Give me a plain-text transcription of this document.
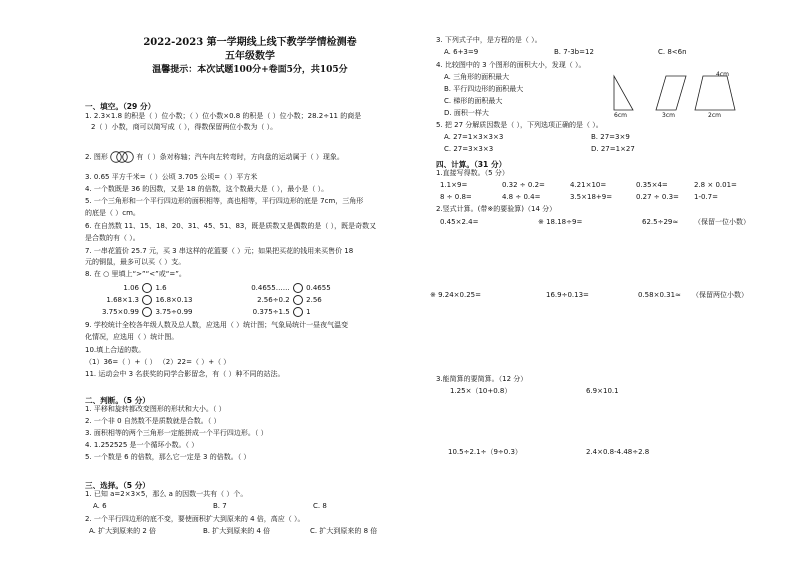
2022-2023 第一学期线上线下教学学情检测卷
五年级数学
温馨提示：本次试题100分+卷面5分，共105分
一、填空。（29 分）
1. 2.3×1.8 的积是（ ）位小数；（ ）位小数×0.8 的积是（ ）位小数；28.2÷11 的商是
2（ ）小数，商可以简写成（ ），得数保留两位小数为（ ）。
2. 图形	有（ ）条对称轴；汽车向左转弯时，方向盘的运动属于（ ）现象。
3. 0.65 平方千米=（ ）公顷 3.705 公顷=（ ）平方米
4. 一个数既是 36 的因数，又是 18 的倍数，这个数最大是（ ），最小是（ ）。
5. 一个三角形和一个平行四边形的面积相等，高也相等，平行四边形的底是 7cm，三角形
的底是（ ）cm。
6. 在自然数 11、15、18、20、31、45、51、83，既是质数又是偶数的是（ ），既是奇数又
是合数的有（ ）。
7. 一串花篮价 25.7 元，买 3 串这样的花篮要（ ）元；如果把买花的钱用来买售价 18
元的铜鼠，最多可以买（ ）支。
8. 在 ○ 里填上“>”“<”或“=”。
1.06 1.6	0.4655…… 0.4655
1.68×1.3 16.8×0.13	2.56÷0.2 2.56
3.75×0.99 3.75÷0.99	0.375÷1.5 1
9. 学校统计全校各年级人数及总人数，应选用（ ）统计图；气象局统计一昼夜气温变
化情况，应选用（ ）统计图。
10.填上合适的数。
（1）36=（ ）+（ ） （2）22=（ ）+（ ）
11. 运动会中 3 名获奖的同学合影留念，有（ ）种不同的站法。
二、判断。（5 分）
1. 平移和旋转都改变图形的形状和大小。（ ）
2. 一个非 0 自然数不是质数就是合数。（ ）
3. 面积相等的两个三角形一定能拼成一个平行四边形。（ ）
4. 1.252525 是一个循环小数。（ ）
5. 一个数是 6 的倍数，那么它一定是 3 的倍数。（ ）
三、选择。（5 分）
1. 已知 a=2×3×5，那么 a 的因数一共有（ ）个。
A. 6	B. 7	C. 8
2. 一个平行四边形的底不变，要使面积扩大到原来的 4 倍，高应（ ）。
A. 扩大到原来的 2 倍	B. 扩大到原来的 4 倍	C. 扩大到原来的 8 倍
3. 下列式子中，是方程的是（ ）。
A. 6+3=9	B. 7-3b=12	C. 8<6n
4. 比较图中的 3 个图形的面积大小，发现（ ）。
A. 三角形的面积最大
B. 平行四边形的面积最大
C. 梯形的面积最大
D. 面积一样大
4cm
6cm	3cm	2cm
5. 把 27 分解质因数是（ ），下列选项正确的是（ ）。
A. 27=1×3×3×3	B. 27=3×9
C. 27=3×3×3	D. 27=1×27
四、计算。（31 分）
1.直接写得数。（5 分）
1.1×9=	0.32 ÷ 0.2=	4.21×10=	0.35×4=	2.8 × 0.01=
8 ÷ 0.8=	4.8 ÷ 0.4=	3.5×18+9=	0.27 ÷ 0.3= 1-0.7=
2.竖式计算。(带※的要验算)（14 分）
0.45×2.4=	※ 18.18÷9=	62.5÷29≈ （保留一位小数）
※ 9.24×0.25=	16.9÷0.13=	0.58×0.31≈ （保留两位小数）
3.能简算的要简算。（12 分）
1.25×（10+0.8）	6.9×10.1
10.5÷2.1÷（9÷0.3）	2.4×0.8-4.48÷2.8
